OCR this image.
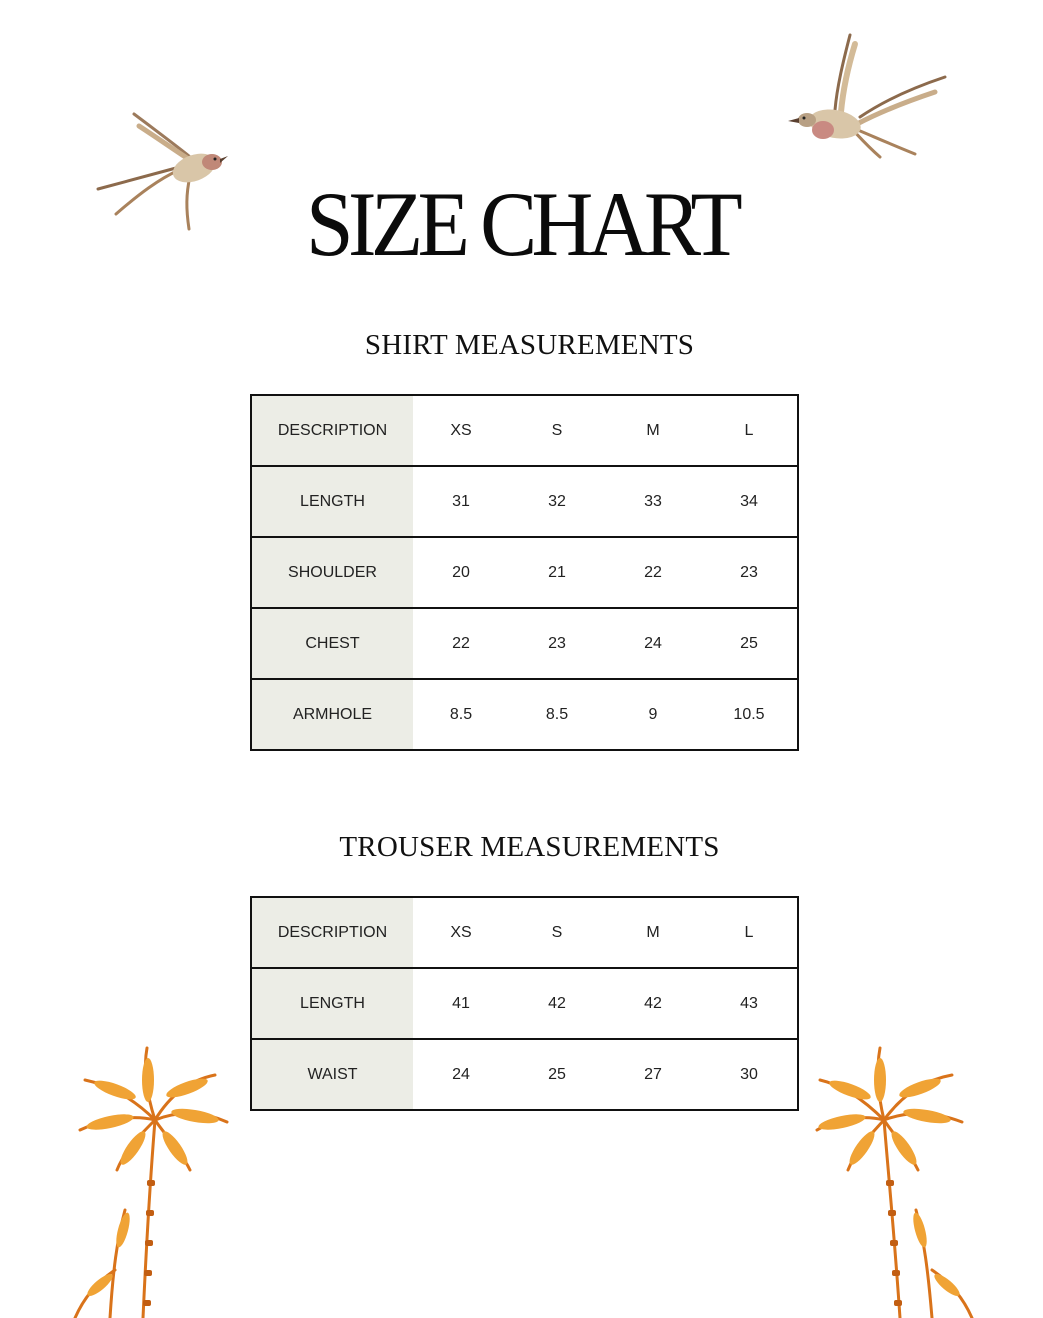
SIZE CHART
SHIRT MEASUREMENTS
DESCRIPTION	XS	S	M	L
LENGTH	31	32	33	34
SHOULDER	20	21	22	23
CHEST	22	23	24	25
ARMHOLE	8.5	8.5	9	10.5
TROUSER MEASUREMENTS
DESCRIPTION	XS	S	M	L
LENGTH	41	42	42	43
WAIST	24	25	27	30
